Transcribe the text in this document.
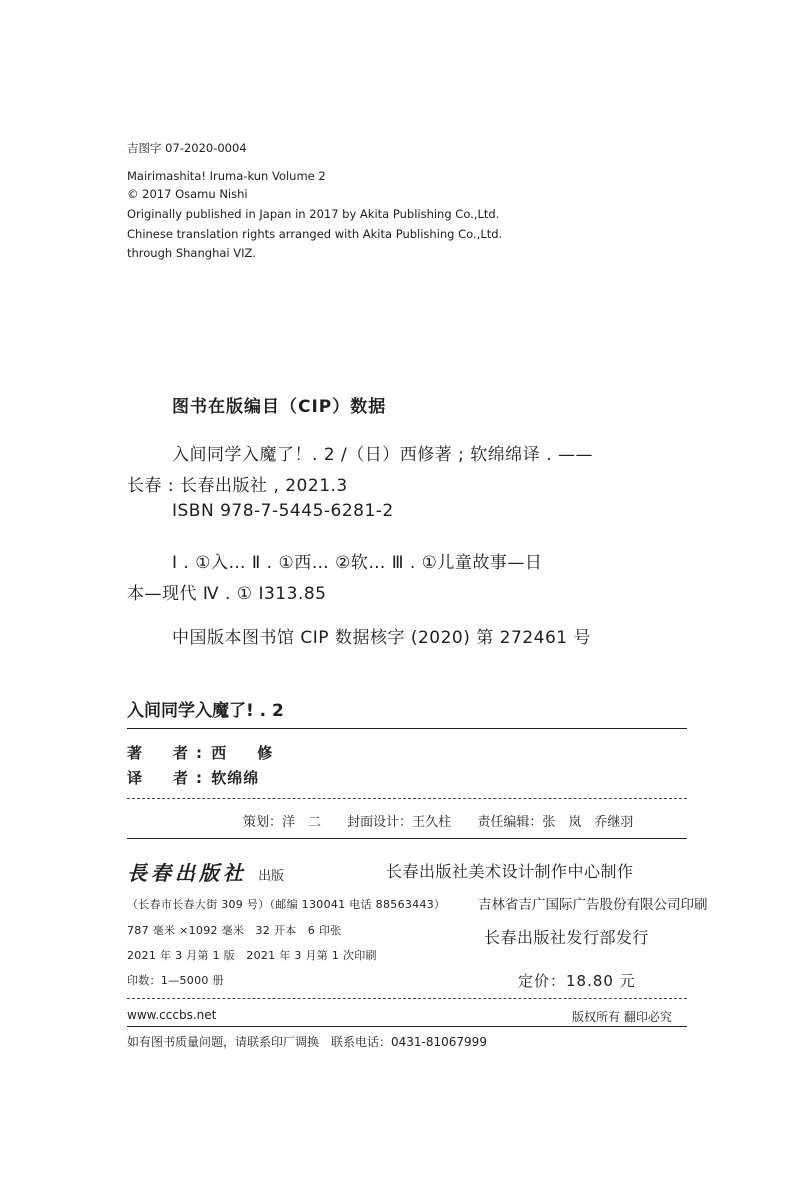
吉图字 07-2020-0004
Mairimashita! Iruma-kun Volume 2
© 2017 Osamu Nishi
Originally published in Japan in 2017 by Akita Publishing Co.,Ltd.
Chinese translation rights arranged with Akita Publishing Co.,Ltd.
through Shanghai VIZ.
图书在版编目（CIP）数据
入间同学入魔了！. 2 /（日）西修著 ; 软绵绵译 . ——
长春 : 长春出版社 , 2021.3
ISBN 978-7-5445-6281-2
Ⅰ . ①入… Ⅱ . ①西… ②软… Ⅲ . ①儿童故事—日
本—现代 Ⅳ . ① I313.85
中国版本图书馆 CIP 数据核字 (2020) 第 272461 号
入间同学入魔了! . 2
著　者: 西　修
译　者: 软绵绵
策划：洋　二 封面设计：王久柱 责任编辑：张　岚　乔继羽
長春出版社 出版	长春出版社美术设计制作中心制作
（长春市长春大街 309 号）（邮编 130041 电话 88563443） 吉林省吉广国际广告股份有限公司印刷
787 毫米 ×1092 毫米　32 开本　6 印张	长春出版社发行部发行
2021 年 3 月第 1 版　2021 年 3 月第 1 次印刷
印数：1—5000 册	定价：18.80 元
www.cccbs.net	版权所有 翻印必究
如有图书质量问题，请联系印厂调换　联系电话：0431-81067999
